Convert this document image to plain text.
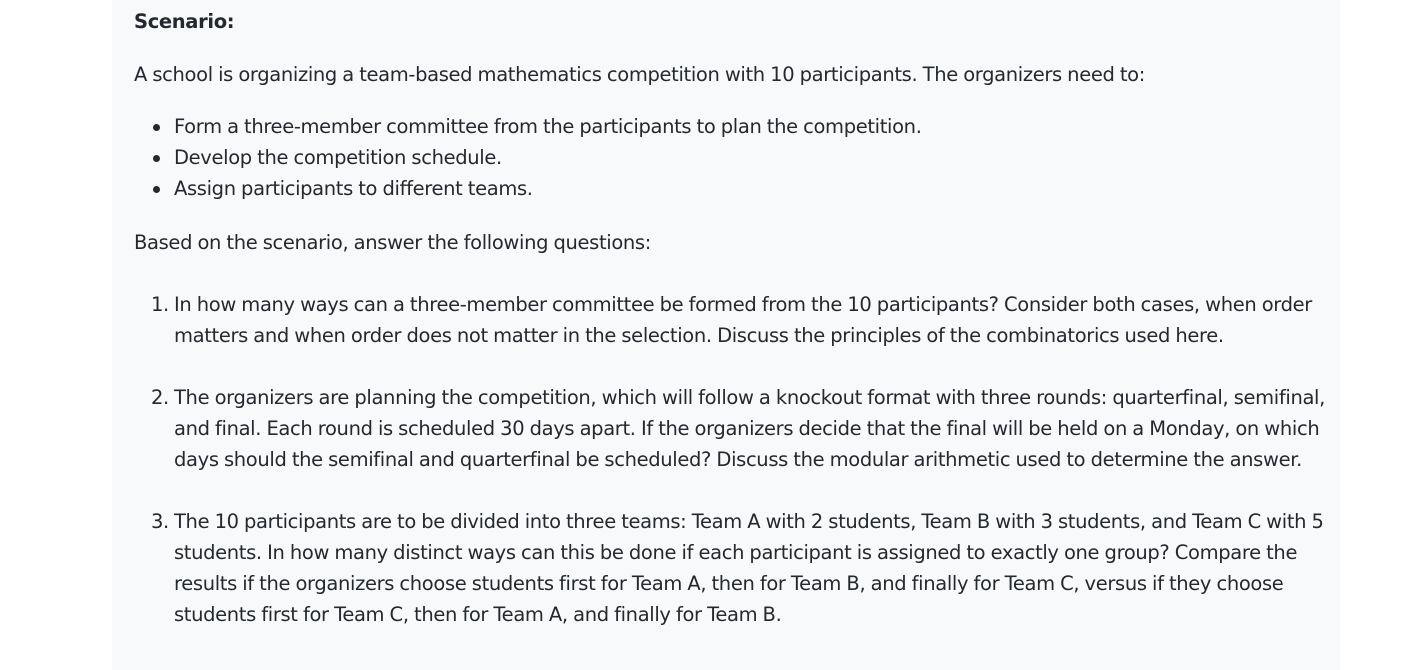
Scenario:
A school is organizing a team-based mathematics competition with 10 participants. The organizers need to:
Form a three-member committee from the participants to plan the competition.
Develop the competition schedule.
Assign participants to different teams.
Based on the scenario, answer the following questions:
1. In how many ways can a three-member committee be formed from the 10 participants? Consider both cases, when order matters and when order does not matter in the selection. Discuss the principles of the combinatorics used here.

2. The organizers are planning the competition, which will follow a knockout format with three rounds: quarterfinal, semifinal, and final. Each round is scheduled 30 days apart. If the organizers decide that the final will be held on a Monday, on which days should the semifinal and quarterfinal be scheduled? Discuss the modular arithmetic used to determine the answer.

3. The 10 participants are to be divided into three teams: Team A with 2 students, Team B with 3 students, and Team C with 5 students. In how many distinct ways can this be done if each participant is assigned to exactly one group? Compare the results if the organizers choose students first for Team A, then for Team B, and finally for Team C, versus if they choose students first for Team C, then for Team A, and finally for Team B.
